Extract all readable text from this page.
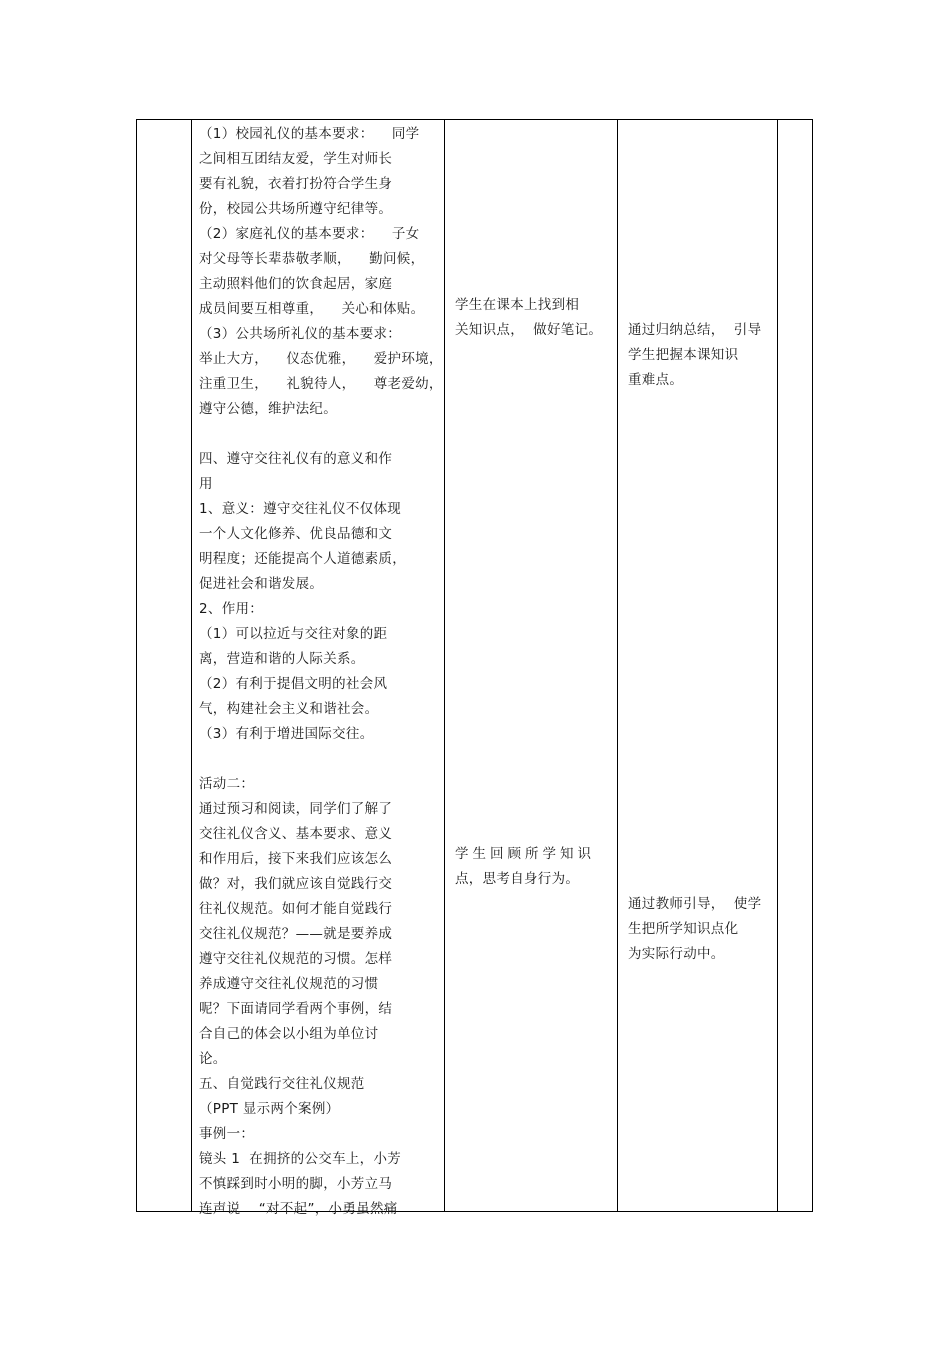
（1）校园礼仪的基本要求：    同学
之间相互团结友爱，学生对师长
要有礼貌，衣着打扮符合学生身
份，校园公共场所遵守纪律等。
（2）家庭礼仪的基本要求：    子女
对父母等长辈恭敬孝顺，    勤问候，
主动照料他们的饮食起居，家庭
成员间要互相尊重，    关心和体贴。
（3）公共场所礼仪的基本要求：
举止大方，    仪态优雅，    爱护环境，
注重卫生，    礼貌待人，    尊老爱幼，
遵守公德，维护法纪。

四、遵守交往礼仪有的意义和作
用
1、意义：遵守交往礼仪不仅体现
一个人文化修养、优良品德和文
明程度；还能提高个人道德素质，
促进社会和谐发展。
2、作用：
（1）可以拉近与交往对象的距
离，营造和谐的人际关系。
（2）有利于提倡文明的社会风
气，构建社会主义和谐社会。
（3）有利于增进国际交往。

活动二：
通过预习和阅读，同学们了解了
交往礼仪含义、基本要求、意义
和作用后，接下来我们应该怎么
做？对，我们就应该自觉践行交
往礼仪规范。如何才能自觉践行
交往礼仪规范？——就是要养成
遵守交往礼仪规范的习惯。怎样
养成遵守交往礼仪规范的习惯
呢？下面请同学看两个事例，结
合自己的体会以小组为单位讨
论。
五、自觉践行交往礼仪规范
（PPT 显示两个案例）
事例一：
镜头 1  在拥挤的公交车上，小芳
不慎踩到时小明的脚，小芳立马
连声说    “对不起”，小勇虽然痛
学生在课本上找到相
关知识点，  做好笔记。
学生回顾所学知识
点，思考自身行为。
通过归纳总结，  引导
学生把握本课知识
重难点。
通过教师引导，  使学
生把所学知识点化
为实际行动中。
